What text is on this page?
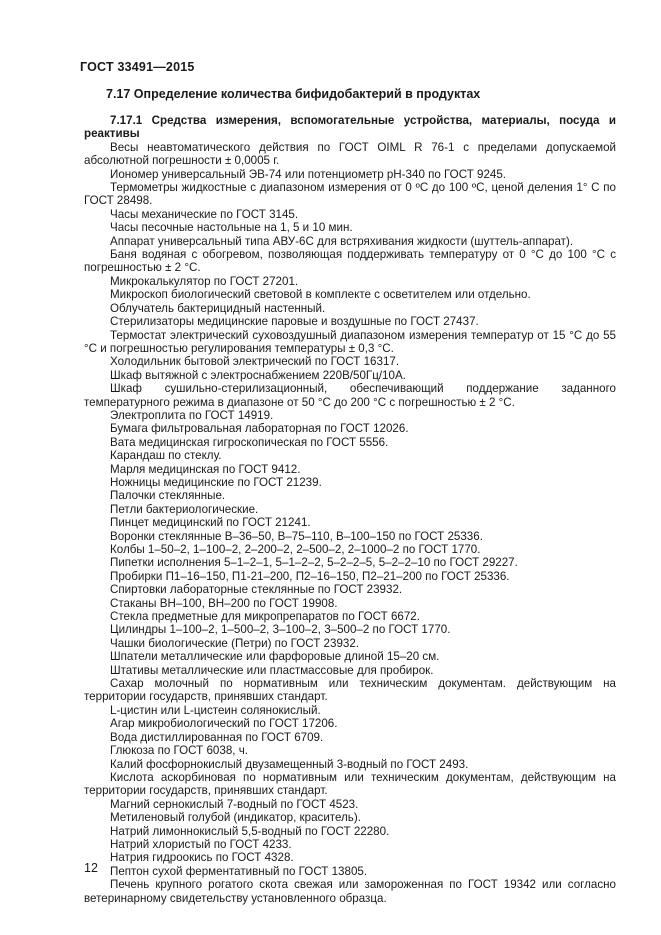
ГОСТ 33491—2015
7.17 Определение количества бифидобактерий в продуктах

7.17.1 Средства измерения, вспомогательные устройства, материалы, посуда и реактивы

Весы неавтоматического действия по ГОСТ OIML R 76-1 с пределами допускаемой абсолютной погрешности ± 0,0005 г.

Иономер универсальный ЭВ-74 или потенциометр рН-340 по ГОСТ 9245.

Термометры жидкостные с диапазоном измерения от 0 ºС до 100 ºС, ценой деления 1° С по ГОСТ 28498.

Часы механические по ГОСТ 3145.

Часы песочные настольные на 1, 5 и 10 мин.

Аппарат универсальный типа АВУ-6С для встряхивания жидкости (шуттель-аппарат).

Баня водяная с обогревом, позволяющая поддерживать температуру от 0 °С до 100 °С с погрешностью ± 2 °С.

Микрокалькулятор по ГОСТ 27201.

Микроскоп биологический световой в комплекте с осветителем или отдельно.

Облучатель бактерицидный настенный.

Стерилизаторы медицинские паровые и воздушные по ГОСТ 27437.

Термостат электрический суховоздушный диапазоном измерения температур от 15 °С до 55 °С и погрешностью регулирования температуры ± 0,3 °С.

Холодильник бытовой электрический по ГОСТ 16317.

Шкаф вытяжной с электроснабжением 220В/50Гц/10А.

Шкаф сушильно-стерилизационный, обеспечивающий поддержание заданного температурного режима в диапазоне от 50 °С до 200 °С с погрешностью ± 2 °С.

Электроплита по ГОСТ 14919.

Бумага фильтровальная лабораторная по ГОСТ 12026.

Вата медицинская гигроскопическая по ГОСТ 5556.

Карандаш по стеклу.

Марля медицинская по ГОСТ 9412.

Ножницы медицинские по ГОСТ 21239.

Палочки стеклянные.

Петли бактериологические.

Пинцет медицинский по ГОСТ 21241.

Воронки стеклянные В–36–50, В–75–110, В–100–150 по ГОСТ 25336.

Колбы 1–50–2, 1–100–2, 2–200–2, 2–500–2, 2–1000–2 по ГОСТ 1770.

Пипетки исполнения 5–1–2–1, 5–1–2–2, 5–2–2–5, 5–2–2–10 по ГОСТ 29227.

Пробирки П1–16–150, П1-21–200, П2–16–150, П2–21–200 по ГОСТ 25336.

Спиртовки лабораторные стеклянные по ГОСТ 23932.

Стаканы ВН–100, ВН–200 по ГОСТ 19908.

Стекла предметные для микропрепаратов по ГОСТ 6672.

Цилиндры 1–100–2, 1–500–2, 3–100–2, 3–500–2 по ГОСТ 1770.

Чашки биологические (Петри) по ГОСТ 23932.

Шпатели металлические или фарфоровые длиной 15–20 см.

Штативы металлические или пластмассовые для пробирок.

Сахар молочный по нормативным или техническим документам. действующим на территории государств, принявших стандарт.

L-цистин или L-цистеин солянокислый.

Агар микробиологический по ГОСТ 17206.

Вода дистиллированная по ГОСТ 6709.

Глюкоза по ГОСТ 6038, ч.

Калий фосфорнокислый двузамещенный 3-водный по ГОСТ 2493.

Кислота аскорбиновая по нормативным или техническим документам, действующим на территории государств, принявших стандарт.

Магний сернокислый 7-водный по ГОСТ 4523.

Метиленовый голубой (индикатор, краситель).

Натрий лимоннокислый 5,5-водный по ГОСТ 22280.

Натрий хлористый по ГОСТ 4233.

Натрия гидроокись по ГОСТ 4328.

Пептон сухой ферментативный по ГОСТ 13805.

Печень крупного рогатого скота свежая или замороженная по ГОСТ 19342 или согласно ветеринарному свидетельству установленного образца.

12
